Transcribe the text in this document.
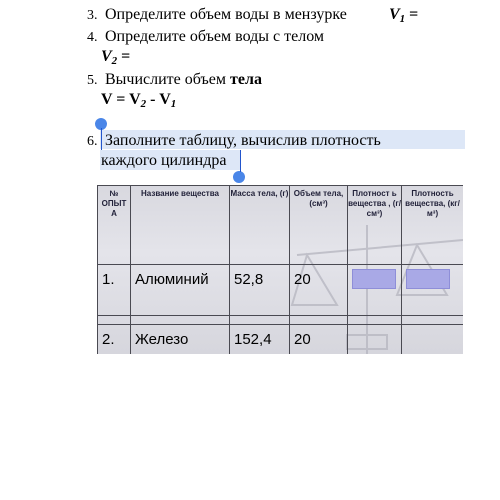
3. Определите объем воды в мензурке	$V_1$ =
4. Определите объем воды с телом
$V_2$ =
5. Вычислите объем тела
$V = V_2 - V_1$
6. Заполните таблицу, вычислив плотность
каждого цилиндра
№ ОПЫТ А	Название вещества	Масса тела, (г)	Объем тела, (см³)	Плотност ь вещества , (г/см³)	Плотность вещества, (кг/м³)
1.	Алюминий	52,8	20	

2.	Железо	152,4	20		
